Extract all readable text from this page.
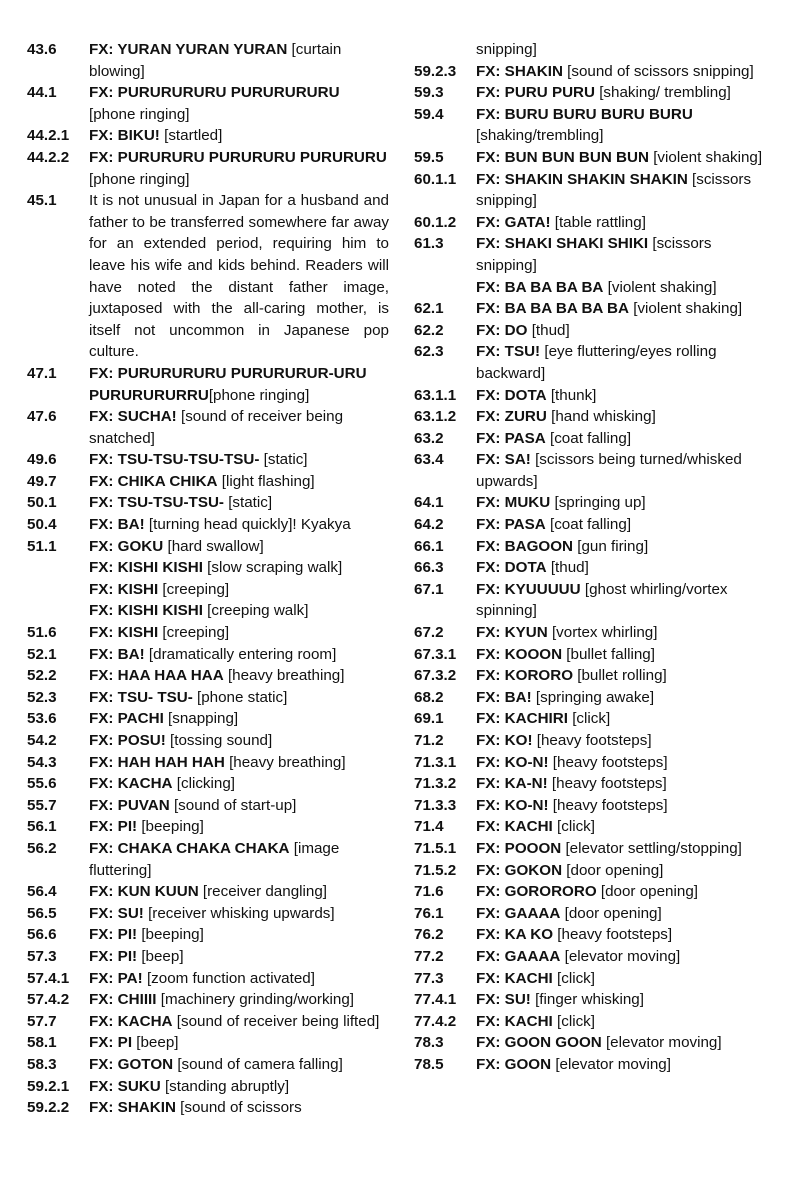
43.6	FX: YURAN YURAN YURAN [curtain blowing]
44.1	FX: PURURURURU PURURURURU [phone ringing]
44.2.1	FX: BIKU! [startled]
44.2.2	FX: PURURURU PURURURU PURURURU [phone ringing]
45.1	It is not unusual in Japan for a husband and father to be transferred somewhere far away for an extended period, requiring him to leave his wife and kids behind. Readers will have noted the distant father image, juxtaposed with the all-caring mother, is itself not uncommon in Japanese pop culture.
47.1	FX: PURURURURU PURURURUR-URU PURURURURRU[phone ringing]
47.6	FX: SUCHA! [sound of receiver being snatched]
49.6	FX: TSU-TSU-TSU-TSU- [static]
49.7	FX: CHIKA CHIKA [light flashing]
50.1	FX: TSU-TSU-TSU- [static]
50.4	FX: BA! [turning head quickly]! Kyakya
51.1	FX: GOKU [hard swallow]
FX: KISHI KISHI [slow scraping walk]
FX: KISHI [creeping]
FX: KISHI KISHI [creeping walk]
51.6	FX: KISHI [creeping]
52.1	FX: BA! [dramatically entering room]
52.2	FX: HAA HAA HAA [heavy breathing]
52.3	FX: TSU- TSU- [phone static]
53.6	FX: PACHI [snapping]
54.2	FX: POSU! [tossing sound]
54.3	FX: HAH HAH HAH [heavy breathing]
55.6	FX: KACHA [clicking]
55.7	FX: PUVAN [sound of start-up]
56.1	FX: PI! [beeping]
56.2	FX: CHAKA CHAKA CHAKA [image fluttering]
56.4	FX: KUN KUUN [receiver dangling]
56.5	FX: SU! [receiver whisking upwards]
56.6	FX: PI! [beeping]
57.3	FX: PI! [beep]
57.4.1	FX: PA! [zoom function activated]
57.4.2	FX: CHIIII [machinery grinding/working]
57.7	FX: KACHA [sound of receiver being lifted]
58.1	FX: PI [beep]
58.3	FX: GOTON [sound of camera falling]
59.2.1	FX: SUKU [standing abruptly]
59.2.2	FX: SHAKIN [sound of scissors
snipping]
59.2.3	FX: SHAKIN [sound of scissors snipping]
59.3	FX: PURU PURU [shaking/ trembling]
59.4	FX: BURU BURU BURU BURU [shaking/trembling]
59.5	FX: BUN BUN BUN BUN [violent shaking]
60.1.1	FX: SHAKIN SHAKIN SHAKIN [scissors snipping]
60.1.2	FX: GATA! [table rattling]
61.3	FX: SHAKI SHAKI SHIKI [scissors snipping]
FX: BA BA BA BA [violent shaking]
62.1	FX: BA BA BA BA BA [violent shaking]
62.2	FX: DO [thud]
62.3	FX: TSU! [eye fluttering/eyes rolling backward]
63.1.1	FX: DOTA [thunk]
63.1.2	FX: ZURU [hand whisking]
63.2	FX: PASA [coat falling]
63.4	FX: SA! [scissors being turned/whisked upwards]
64.1	FX: MUKU [springing up]
64.2	FX: PASA [coat falling]
66.1	FX: BAGOON [gun firing]
66.3	FX: DOTA [thud]
67.1	FX: KYUUUUU [ghost whirling/vortex spinning]
67.2	FX: KYUN [vortex whirling]
67.3.1	FX: KOOON [bullet falling]
67.3.2	FX: KORORO [bullet rolling]
68.2	FX: BA! [springing awake]
69.1	FX: KACHIRI [click]
71.2	FX: KO! [heavy footsteps]
71.3.1	FX: KO-N! [heavy footsteps]
71.3.2	FX: KA-N! [heavy footsteps]
71.3.3	FX: KO-N! [heavy footsteps]
71.4	FX: KACHI [click]
71.5.1	FX: POOON [elevator settling/stopping]
71.5.2	FX: GOKON [door opening]
71.6	FX: GORORORO [door opening]
76.1	FX: GAAAA [door opening]
76.2	FX: KA KO [heavy footsteps]
77.2	FX: GAAAA [elevator moving]
77.3	FX: KACHI [click]
77.4.1	FX: SU! [finger whisking]
77.4.2	FX: KACHI [click]
78.3	FX: GOON GOON [elevator moving]
78.5	FX: GOON [elevator moving]
